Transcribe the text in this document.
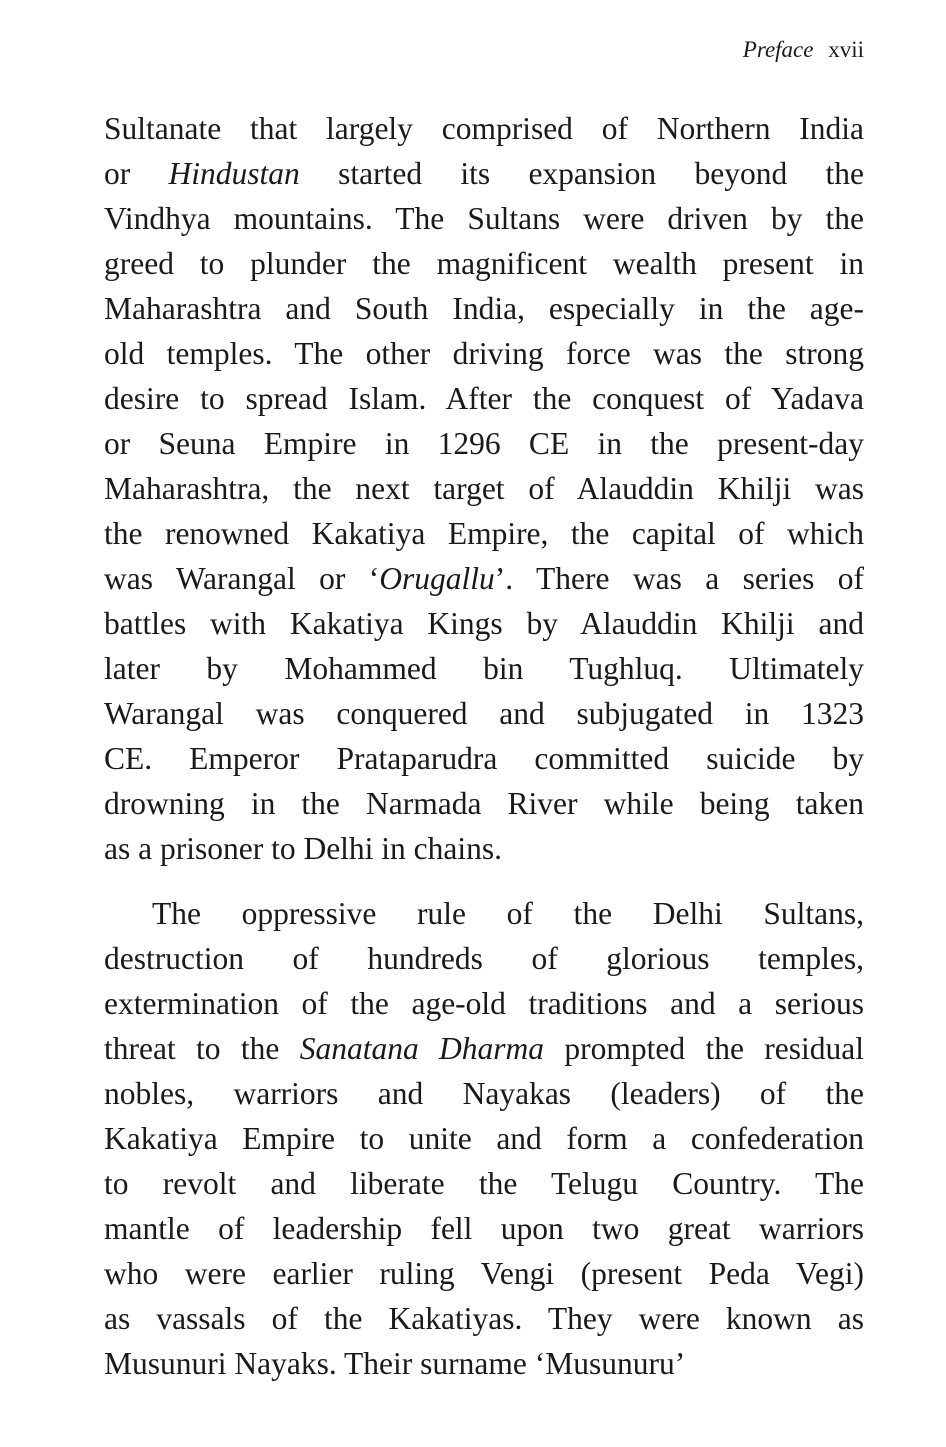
Preface xvii
Sultanate that largely comprised of Northern India
or Hindustan started its expansion beyond the
Vindhya mountains. The Sultans were driven by the
greed to plunder the magnificent wealth present in
Maharashtra and South India, especially in the age-
old temples. The other driving force was the strong
desire to spread Islam. After the conquest of Yadava
or Seuna Empire in 1296 CE in the present-day
Maharashtra, the next target of Alauddin Khilji was
the renowned Kakatiya Empire, the capital of which
was Warangal or ‘Orugallu’. There was a series of
battles with Kakatiya Kings by Alauddin Khilji and
later by Mohammed bin Tughluq. Ultimately
Warangal was conquered and subjugated in 1323
CE. Emperor Prataparudra committed suicide by
drowning in the Narmada River while being taken
as a prisoner to Delhi in chains.
The oppressive rule of the Delhi Sultans,
destruction of hundreds of glorious temples,
extermination of the age-old traditions and a serious
threat to the Sanatana Dharma prompted the residual
nobles, warriors and Nayakas (leaders) of the
Kakatiya Empire to unite and form a confederation
to revolt and liberate the Telugu Country. The
mantle of leadership fell upon two great warriors
who were earlier ruling Vengi (present Peda Vegi)
as vassals of the Kakatiyas. They were known as
Musunuri Nayaks. Their surname ‘Musunuru’
